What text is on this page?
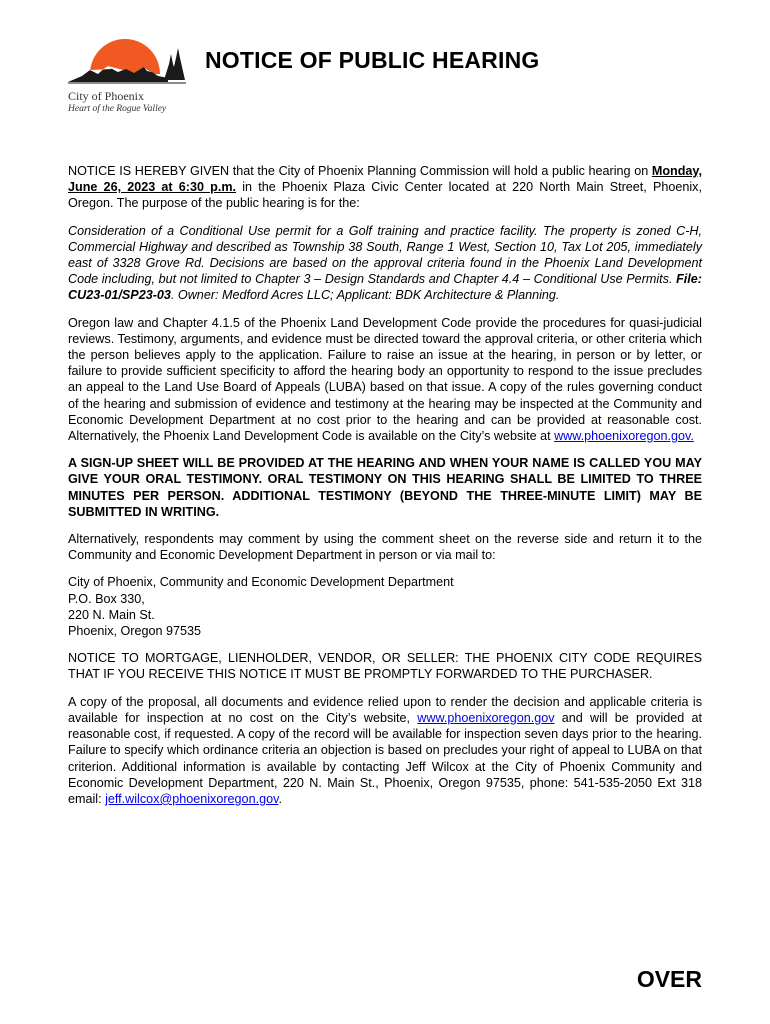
City of Phoenix
Heart of the Rogue Valley
NOTICE OF PUBLIC HEARING

NOTICE IS HEREBY GIVEN that the City of Phoenix Planning Commission will hold a public hearing on Monday, June 26, 2023 at 6:30 p.m. in the Phoenix Plaza Civic Center located at 220 North Main Street, Phoenix, Oregon. The purpose of the public hearing is for the:

Consideration of a Conditional Use permit for a Golf training and practice facility. The property is zoned C-H, Commercial Highway and described as Township 38 South, Range 1 West, Section 10, Tax Lot 205, immediately east of 3328 Grove Rd. Decisions are based on the approval criteria found in the Phoenix Land Development Code including, but not limited to Chapter 3 – Design Standards and Chapter 4.4 – Conditional Use Permits. File: CU23-01/SP23-03. Owner: Medford Acres LLC; Applicant: BDK Architecture & Planning.

Oregon law and Chapter 4.1.5 of the Phoenix Land Development Code provide the procedures for quasi-judicial reviews. Testimony, arguments, and evidence must be directed toward the approval criteria, or other criteria which the person believes apply to the application. Failure to raise an issue at the hearing, in person or by letter, or failure to provide sufficient specificity to afford the hearing body an opportunity to respond to the issue precludes an appeal to the Land Use Board of Appeals (LUBA) based on that issue. A copy of the rules governing conduct of the hearing and submission of evidence and testimony at the hearing may be inspected at the Community and Economic Development Department at no cost prior to the hearing and can be provided at reasonable cost. Alternatively, the Phoenix Land Development Code is available on the City’s website at www.phoenixoregon.gov.

A SIGN-UP SHEET WILL BE PROVIDED AT THE HEARING AND WHEN YOUR NAME IS CALLED YOU MAY GIVE YOUR ORAL TESTIMONY. ORAL TESTIMONY ON THIS HEARING SHALL BE LIMITED TO THREE MINUTES PER PERSON. ADDITIONAL TESTIMONY (BEYOND THE THREE-MINUTE LIMIT) MAY BE SUBMITTED IN WRITING.

Alternatively, respondents may comment by using the comment sheet on the reverse side and return it to the Community and Economic Development Department in person or via mail to:

City of Phoenix, Community and Economic Development Department
P.O. Box 330,
220 N. Main St.
Phoenix, Oregon 97535

NOTICE TO MORTGAGE, LIENHOLDER, VENDOR, OR SELLER: THE PHOENIX CITY CODE REQUIRES THAT IF YOU RECEIVE THIS NOTICE IT MUST BE PROMPTLY FORWARDED TO THE PURCHASER.

A copy of the proposal, all documents and evidence relied upon to render the decision and applicable criteria is available for inspection at no cost on the City’s website, www.phoenixoregon.gov and will be provided at reasonable cost, if requested. A copy of the record will be available for inspection seven days prior to the hearing. Failure to specify which ordinance criteria an objection is based on precludes your right of appeal to LUBA on that criterion. Additional information is available by contacting Jeff Wilcox at the City of Phoenix Community and Economic Development Department, 220 N. Main St., Phoenix, Oregon 97535, phone: 541-535-2050 Ext 318 email: jeff.wilcox@phoenixoregon.gov.

OVER
